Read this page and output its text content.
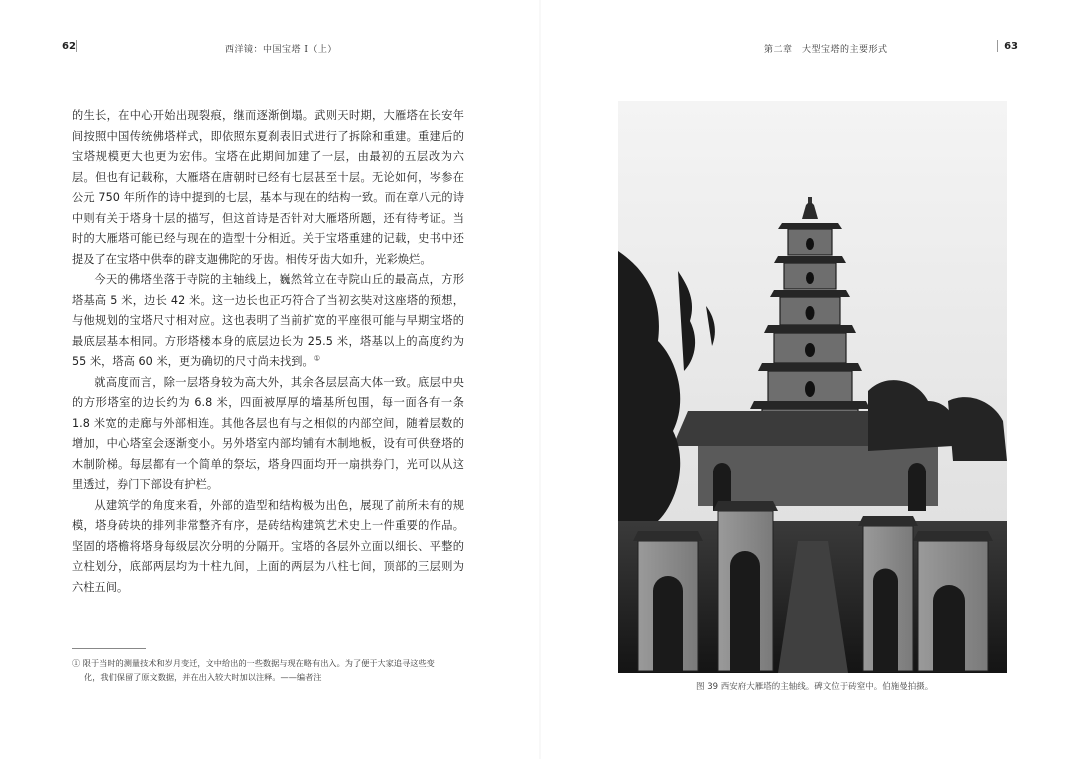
62	西洋镜：中国宝塔 I（上）

的生长，在中心开始出现裂痕，继而逐渐倒塌。武则天时期，大雁塔在长安年间按照中国传统佛塔样式，即依照东夏刹表旧式进行了拆除和重建。重建后的宝塔规模更大也更为宏伟。宝塔在此期间加建了一层，由最初的五层改为六层。但也有记载称，大雁塔在唐朝时已经有七层甚至十层。无论如何，岑参在公元 750 年所作的诗中提到的七层，基本与现在的结构一致。而在章八元的诗中则有关于塔身十层的描写，但这首诗是否针对大雁塔所题，还有待考证。当时的大雁塔可能已经与现在的造型十分相近。关于宝塔重建的记载，史书中还提及了在宝塔中供奉的辟支迦佛陀的牙齿。相传牙齿大如升，光彩焕烂。

今天的佛塔坐落于寺院的主轴线上，巍然耸立在寺院山丘的最高点，方形塔基高 5 米，边长 42 米。这一边长也正巧符合了当初玄奘对这座塔的预想，与他规划的宝塔尺寸相对应。这也表明了当前扩宽的平座很可能与早期宝塔的最底层基本相同。方形塔楼本身的底层边长为 25.5 米，塔基以上的高度约为 55 米，塔高 60 米，更为确切的尺寸尚未找到。①

就高度而言，除一层塔身较为高大外，其余各层层高大体一致。底层中央的方形塔室的边长约为 6.8 米，四面被厚厚的墙基所包围，每一面各有一条 1.8 米宽的走廊与外部相连。其他各层也有与之相似的内部空间，随着层数的增加，中心塔室会逐渐变小。另外塔室内部均铺有木制地板，设有可供登塔的木制阶梯。每层都有一个简单的祭坛，塔身四面均开一扇拱券门，光可以从这里透过，券门下部设有护栏。

从建筑学的角度来看，外部的造型和结构极为出色，展现了前所未有的规模，塔身砖块的排列非常整齐有序，是砖结构建筑艺术史上一件重要的作品。坚固的塔檐将塔身每级层次分明的分隔开。宝塔的各层外立面以细长、平整的立柱划分，底部两层均为十柱九间，上面的两层为八柱七间，顶部的三层则为六柱五间。

① 限于当时的测量技术和岁月变迁，文中给出的一些数据与现在略有出入。为了便于大家追寻这些变
化，我们保留了原文数据，并在出入较大时加以注释。——编者注
第二章　大型宝塔的主要形式	63
图 39 西安府大雁塔的主轴线。碑文位于砖窒中。伯施曼拍摄。
